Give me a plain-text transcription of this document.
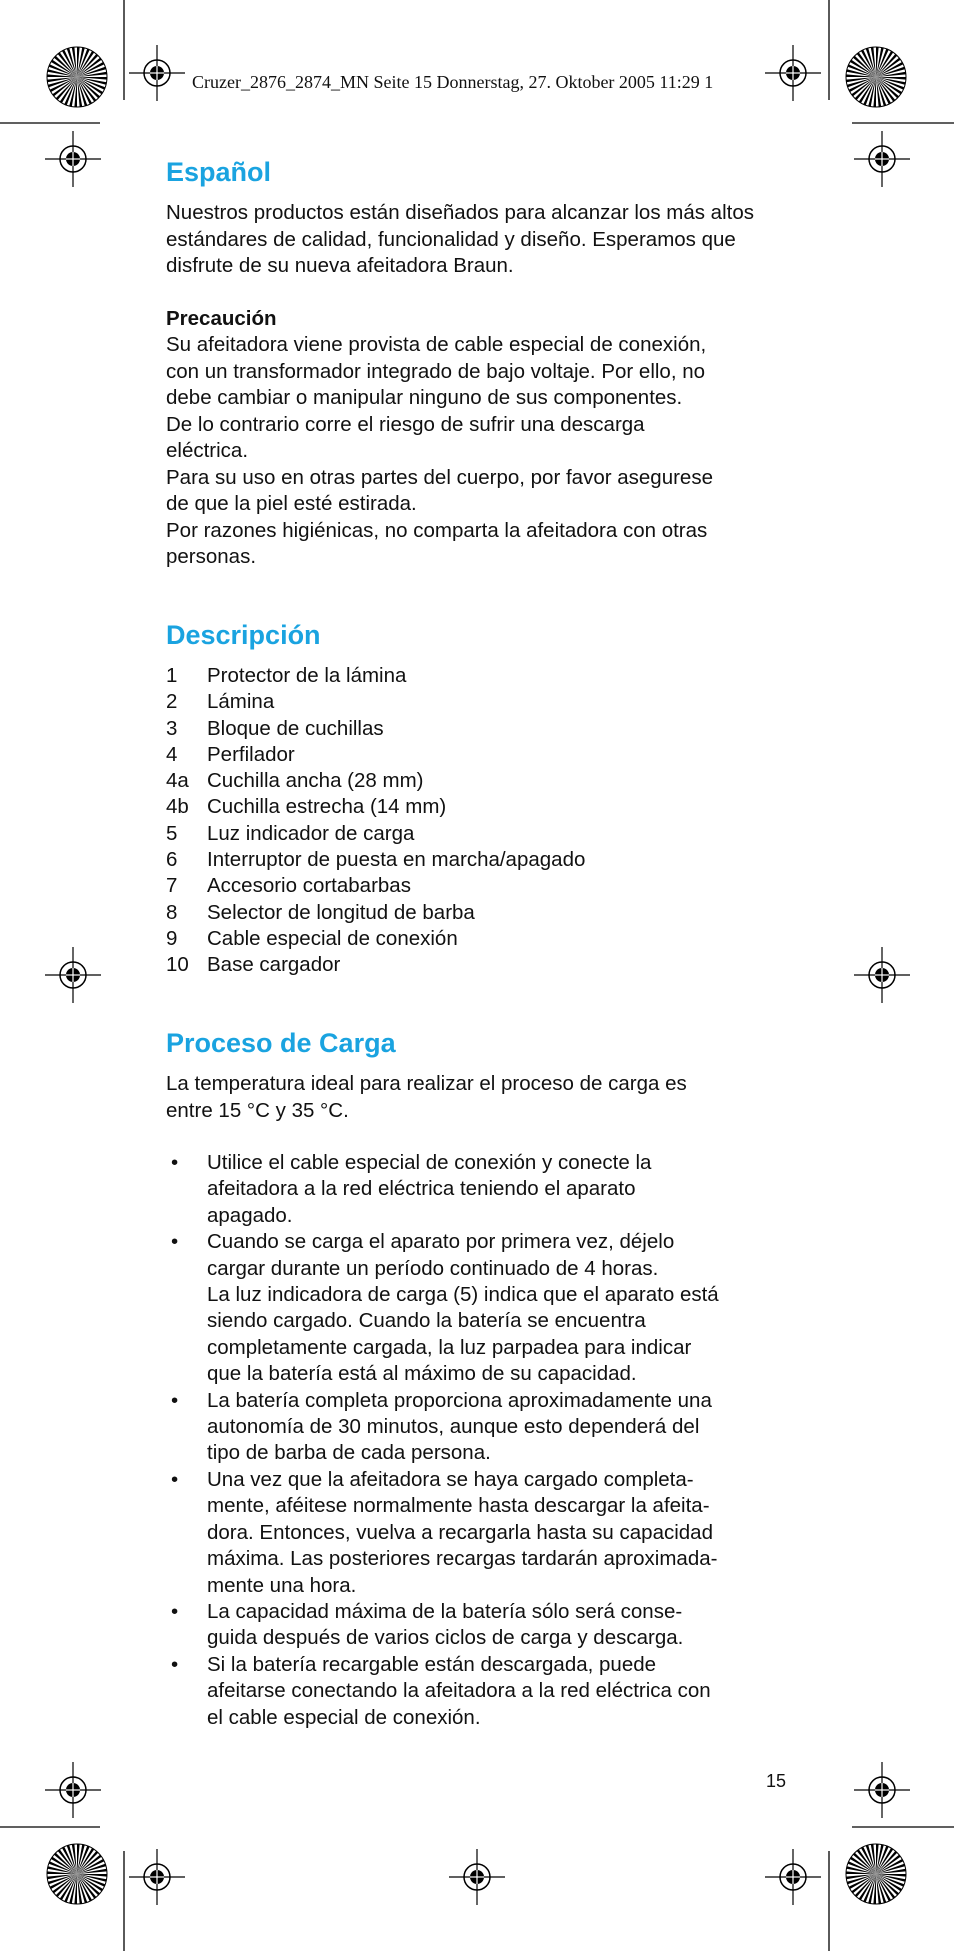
Cruzer_2876_2874_MN Seite 15 Donnerstag, 27. Oktober 2005 11:29 1
Español

Nuestros productos están diseñados para alcanzar los más altos estándares de calidad, funcionalidad y diseño. Esperamos que disfrute de su nueva afeitadora Braun.

Precaución
Su afeitadora viene provista de cable especial de conexión,
con un transformador integrado de bajo voltaje. Por ello, no
debe cambiar o manipular ninguno de sus componentes.
De lo contrario corre el riesgo de sufrir una descarga
eléctrica.
Para su uso en otras partes del cuerpo, por favor asegurese
de que la piel esté estirada.
Por razones higiénicas, no comparta la afeitadora con otras
personas.
Descripción
1	Protector de la lámina
2	Lámina
3	Bloque de cuchillas
4	Perfilador
4a Cuchilla ancha (28 mm)
4b Cuchilla estrecha (14 mm)
5	Luz indicador de carga
6	Interruptor de puesta en marcha/apagado
7	Accesorio cortabarbas
8	Selector de longitud de barba
9	Cable especial de conexión
10 Base cargador
Proceso de Carga
La temperatura ideal para realizar el proceso de carga es
entre 15 °C y 35 °C.
•	Utilice el cable especial de conexión y conecte la
afeitadora a la red eléctrica teniendo el aparato
apagado.
•	Cuando se carga el aparato por primera vez, déjelo
cargar durante un período continuado de 4 horas.
La luz indicadora de carga (5) indica que el aparato está
siendo cargado. Cuando la batería se encuentra
completamente cargada, la luz parpadea para indicar
que la batería está al máximo de su capacidad.
•	La batería completa proporciona aproximadamente una
autonomía de 30 minutos, aunque esto dependerá del
tipo de barba de cada persona.
•	Una vez que la afeitadora se haya cargado completa-
mente, aféitese normalmente hasta descargar la afeita-
dora. Entonces, vuelva a recargarla hasta su capacidad
máxima. Las posteriores recargas tardarán aproximada-
mente una hora.
•	La capacidad máxima de la batería sólo será conse-
guida después de varios ciclos de carga y descarga.
•	Si la batería recargable están descargada, puede
afeitarse conectando la afeitadora a la red eléctrica con
el cable especial de conexión.
15
